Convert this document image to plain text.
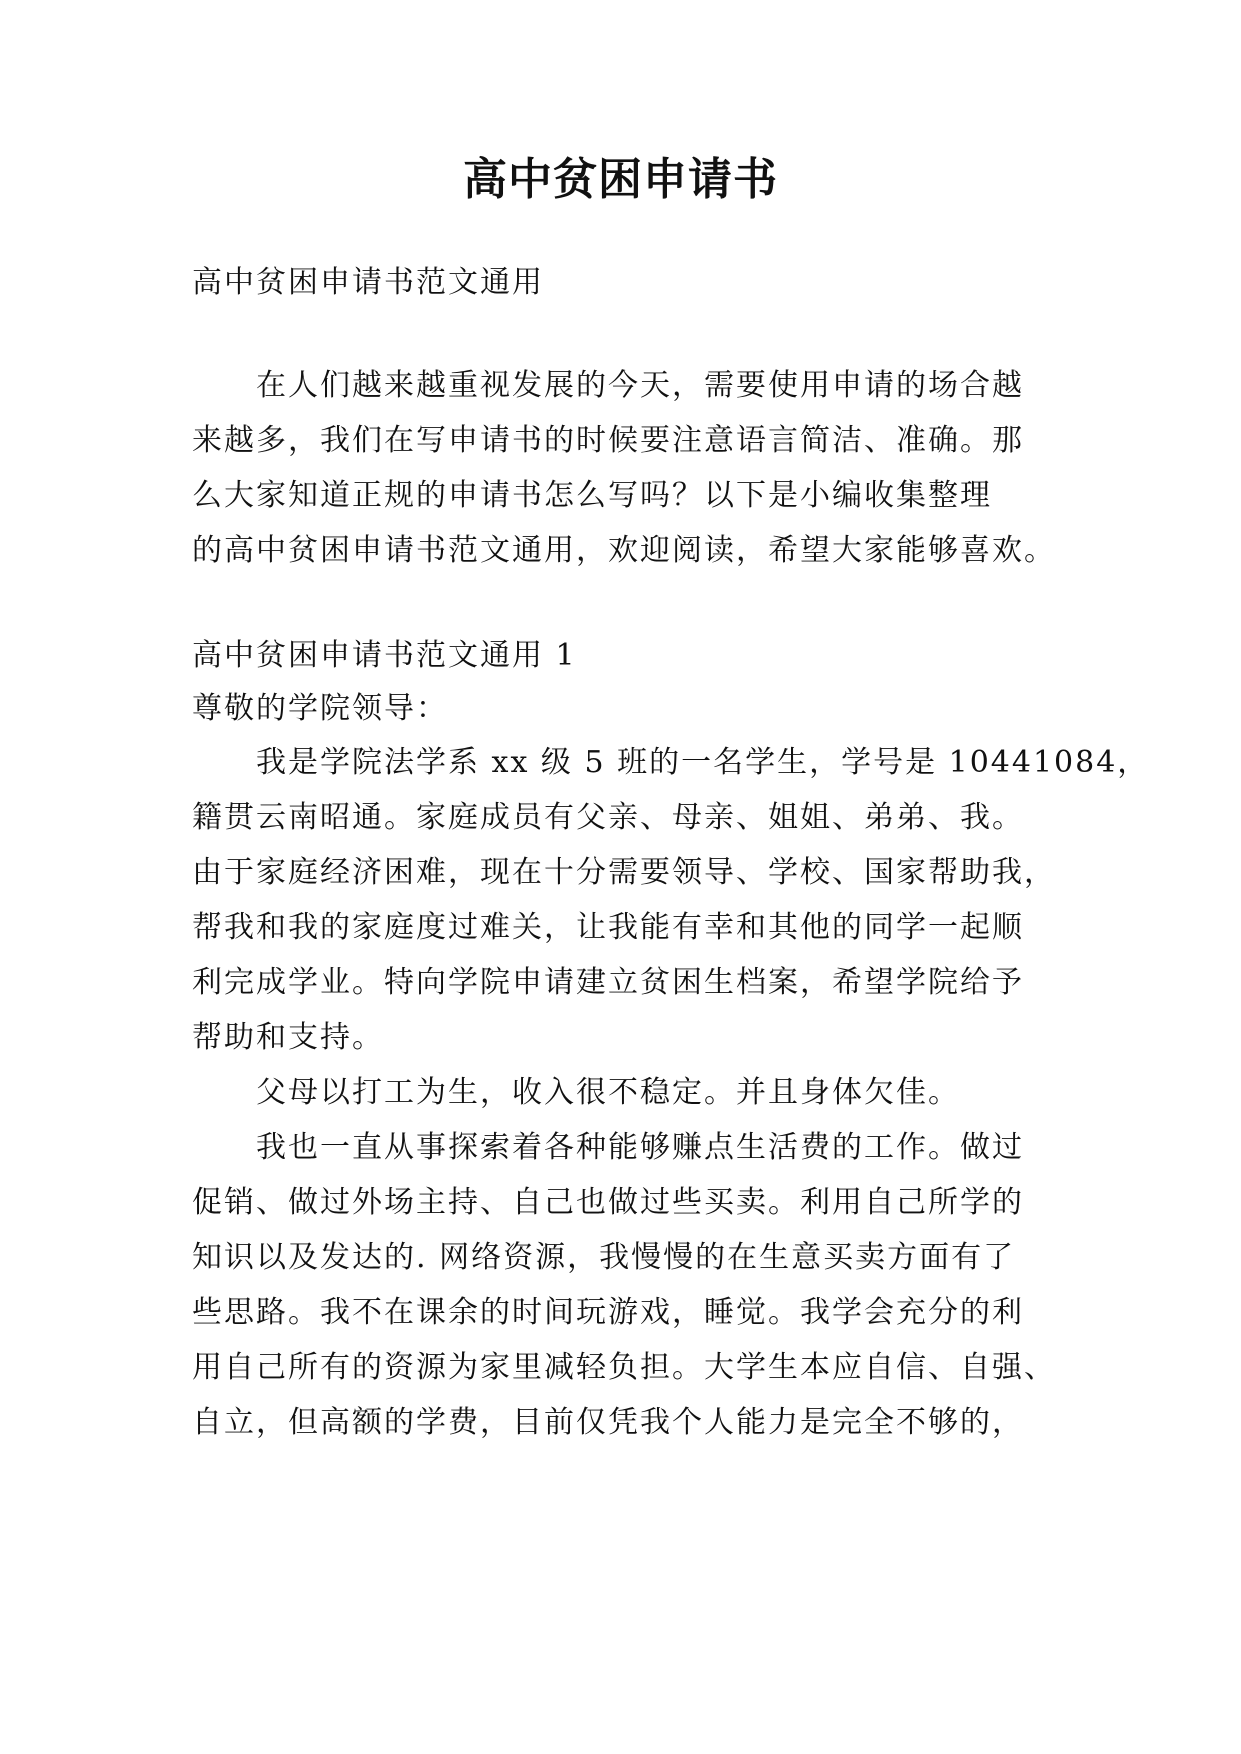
高中贫困申请书
高中贫困申请书范文通用
在人们越来越重视发展的今天，需要使用申请的场合越
来越多，我们在写申请书的时候要注意语言简洁、准确。那
么大家知道正规的申请书怎么写吗？以下是小编收集整理
的高中贫困申请书范文通用，欢迎阅读，希望大家能够喜欢。
高中贫困申请书范文通用 1
尊敬的学院领导：
我是学院法学系 xx 级 5 班的一名学生，学号是 10441084，
籍贯云南昭通。家庭成员有父亲、母亲、姐姐、弟弟、我。
由于家庭经济困难，现在十分需要领导、学校、国家帮助我，
帮我和我的家庭度过难关，让我能有幸和其他的同学一起顺
利完成学业。特向学院申请建立贫困生档案，希望学院给予
帮助和支持。
父母以打工为生，收入很不稳定。并且身体欠佳。
我也一直从事探索着各种能够赚点生活费的工作。做过
促销、做过外场主持、自己也做过些买卖。利用自己所学的
知识以及发达的. 网络资源，我慢慢的在生意买卖方面有了
些思路。我不在课余的时间玩游戏，睡觉。我学会充分的利
用自己所有的资源为家里减轻负担。大学生本应自信、自强、
自立，但高额的学费，目前仅凭我个人能力是完全不够的，
